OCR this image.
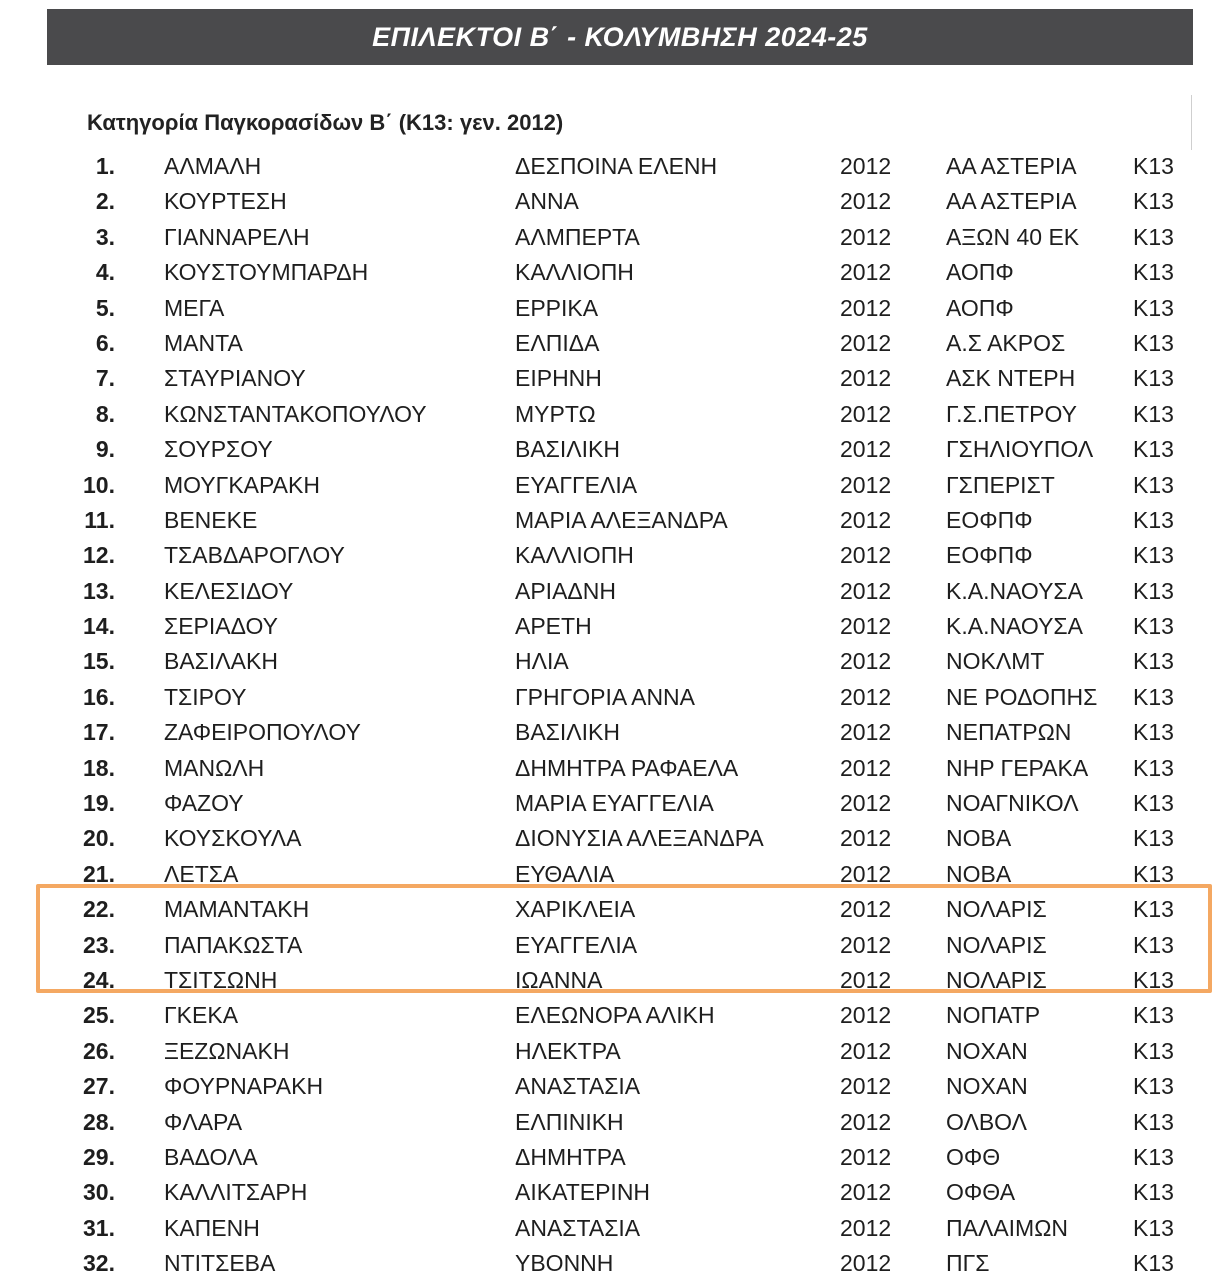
ΕΠΙΛΕΚΤΟΙ Β΄ - ΚΟΛΥΜΒΗΣΗ 2024-25
Κατηγορία Παγκορασίδων Β΄ (Κ13: γεν. 2012)
1. ΑΛΜΑΛΗ	ΔΕΣΠΟΙΝΑ ΕΛΕΝΗ	2012 ΑΑ ΑΣΤΕΡΙΑ Κ13
2. ΚΟΥΡΤΕΣΗ	ΑΝΝΑ	2012 ΑΑ ΑΣΤΕΡΙΑ Κ13
3. ΓΙΑΝΝΑΡΕΛΗ	ΑΛΜΠΕΡΤΑ	2012 ΑΞΩΝ 40 ΕΚ Κ13
4. ΚΟΥΣΤΟΥΜΠΑΡΔΗ	ΚΑΛΛΙΟΠΗ	2012 ΑΟΠΦ	Κ13
5. ΜΕΓΑ	ΕΡΡΙΚΑ	2012 ΑΟΠΦ	Κ13
6. ΜΑΝΤΑ	ΕΛΠΙΔΑ	2012 Α.Σ ΑΚΡΟΣ	Κ13
7. ΣΤΑΥΡΙΑΝΟΥ	ΕΙΡΗΝΗ	2012 ΑΣΚ ΝΤΕΡΗ	Κ13
8. ΚΩΝΣΤΑΝΤΑΚΟΠΟΥΛΟΥ	ΜΥΡΤΩ	2012 Γ.Σ.ΠΕΤΡΟΥ Κ13
9. ΣΟΥΡΣΟΥ	ΒΑΣΙΛΙΚΗ	2012 ΓΣΗΛΙΟΥΠΟΛ Κ13
10. ΜΟΥΓΚΑΡΑΚΗ	ΕΥΑΓΓΕΛΙΑ	2012 ΓΣΠΕΡΙΣΤ	Κ13
11. ΒΕΝΕΚΕ	ΜΑΡΙΑ ΑΛΕΞΑΝΔΡΑ	2012 ΕΟΦΠΦ	Κ13
12. ΤΣΑΒΔΑΡΟΓΛΟΥ	ΚΑΛΛΙΟΠΗ	2012 ΕΟΦΠΦ	Κ13
13. ΚΕΛΕΣΙΔΟΥ	ΑΡΙΑΔΝΗ	2012 Κ.Α.ΝΑΟΥΣΑ Κ13
14. ΣΕΡΙΑΔΟΥ	ΑΡΕΤΗ	2012 Κ.Α.ΝΑΟΥΣΑ Κ13
15. ΒΑΣΙΛΑΚΗ	ΗΛΙΑ	2012 ΝΟΚΛΜΤ	Κ13
16. ΤΣΙΡΟΥ	ΓΡΗΓΟΡΙΑ ΑΝΝΑ	2012 ΝΕ ΡΟΔΟΠΗΣ Κ13
17. ΖΑΦΕΙΡΟΠΟΥΛΟΥ	ΒΑΣΙΛΙΚΗ	2012 ΝΕΠΑΤΡΩΝ	Κ13
18. ΜΑΝΩΛΗ	ΔΗΜΗΤΡΑ ΡΑΦΑΕΛΑ	2012 ΝΗΡ ΓΕΡΑΚΑ Κ13
19. ΦΑΖΟΥ	ΜΑΡΙΑ ΕΥΑΓΓΕΛΙΑ	2012 ΝΟΑΓΝΙΚΟΛ Κ13
20. ΚΟΥΣΚΟΥΛΑ	ΔΙΟΝΥΣΙΑ ΑΛΕΞΑΝΔΡΑ	2012 ΝΟΒΑ	Κ13
21. ΛΕΤΣΑ	ΕΥΘΑΛΙΑ	2012 ΝΟΒΑ	Κ13
22. ΜΑΜΑΝΤΑΚΗ	ΧΑΡΙΚΛΕΙΑ	2012 ΝΟΛΑΡΙΣ	Κ13
23. ΠΑΠΑΚΩΣΤΑ	ΕΥΑΓΓΕΛΙΑ	2012 ΝΟΛΑΡΙΣ	Κ13
24. ΤΣΙΤΣΩΝΗ	ΙΩΑΝΝΑ	2012 ΝΟΛΑΡΙΣ	Κ13
25. ΓΚΕΚΑ	ΕΛΕΩΝΟΡΑ ΑΛΙΚΗ	2012 ΝΟΠΑΤΡ	Κ13
26. ΞΕΖΩΝΑΚΗ	ΗΛΕΚΤΡΑ	2012 ΝΟΧΑΝ	Κ13
27. ΦΟΥΡΝΑΡΑΚΗ	ΑΝΑΣΤΑΣΙΑ	2012 ΝΟΧΑΝ	Κ13
28. ΦΛΑΡΑ	ΕΛΠΙΝΙΚΗ	2012 ΟΛΒΟΛ	Κ13
29. ΒΑΔΟΛΑ	ΔΗΜΗΤΡΑ	2012 ΟΦΘ	Κ13
30. ΚΑΛΛΙΤΣΑΡΗ	ΑΙΚΑΤΕΡΙΝΗ	2012 ΟΦΘΑ	Κ13
31. ΚΑΠΕΝΗ	ΑΝΑΣΤΑΣΙΑ	2012 ΠΑΛΑΙΜΩΝ	Κ13
32. ΝΤΙΤΣΕΒΑ	ΥΒΟΝΝΗ	2012 ΠΓΣ	Κ13
